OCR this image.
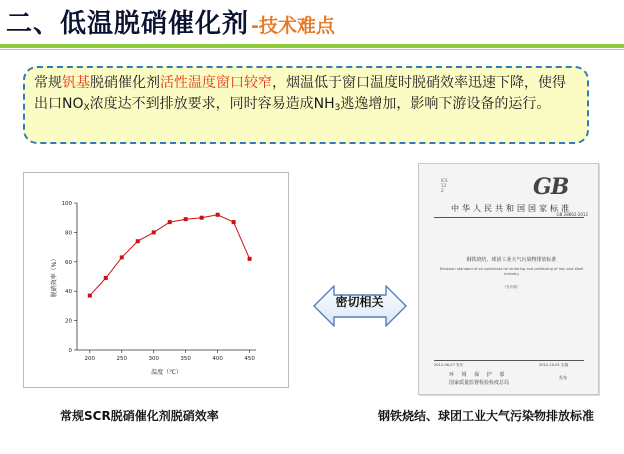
二、低温脱硝催化剂 -技术难点
常规钒基脱硝催化剂活性温度窗口较窄，烟温低于窗口温度时脱硝效率迅速下降，使得出口$NO_X$浓度达不到排放要求，同时容易造成$NH_3$逃逸增加，影响下游设备的运行。
0
20
40
60
80
100
200	250	300	350	400	450
脱硝效率（%）
温度（℃）
常规SCR脱硝催化剂脱硝效率
密切相关
ICS
13
Z	GB
中华人民共和国国家标准
GB 28662-2012
钢铁烧结、球团工业大气污染物排放标准
Emission standard of air pollutants for sintering and pelletizing of iron and steel industry
（发布稿）
2012-06-27 发布	2012-10-01 实施
环 境 保 护 部
国家质量监督检验检疫总局
发布
钢铁烧结、球团工业大气污染物排放标准
